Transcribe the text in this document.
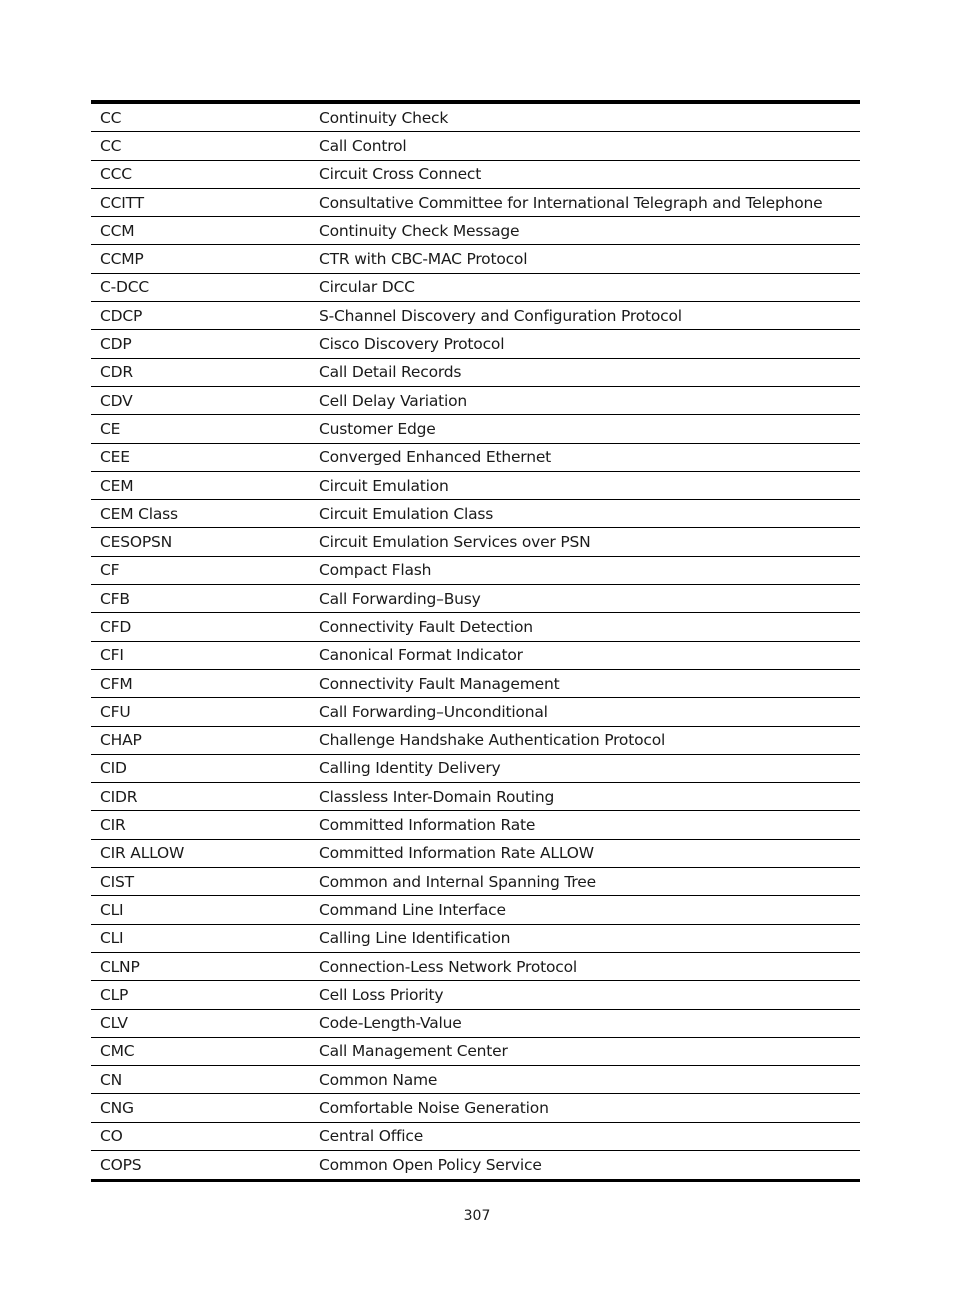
CC	Continuity Check
CC	Call Control
CCC	Circuit Cross Connect
CCITT	Consultative Committee for International Telegraph and Telephone
CCM	Continuity Check Message
CCMP	CTR with CBC-MAC Protocol
C-DCC	Circular DCC
CDCP	S-Channel Discovery and Configuration Protocol
CDP	Cisco Discovery Protocol
CDR	Call Detail Records
CDV	Cell Delay Variation
CE	Customer Edge
CEE	Converged Enhanced Ethernet
CEM	Circuit Emulation
CEM Class	Circuit Emulation Class
CESOPSN	Circuit Emulation Services over PSN
CF	Compact Flash
CFB	Call Forwarding–Busy
CFD	Connectivity Fault Detection
CFI	Canonical Format Indicator
CFM	Connectivity Fault Management
CFU	Call Forwarding–Unconditional
CHAP	Challenge Handshake Authentication Protocol
CID	Calling Identity Delivery
CIDR	Classless Inter-Domain Routing
CIR	Committed Information Rate
CIR ALLOW	Committed Information Rate ALLOW
CIST	Common and Internal Spanning Tree
CLI	Command Line Interface
CLI	Calling Line Identification
CLNP	Connection-Less Network Protocol
CLP	Cell Loss Priority
CLV	Code-Length-Value
CMC	Call Management Center
CN	Common Name
CNG	Comfortable Noise Generation
CO	Central Office
COPS	Common Open Policy Service
307
